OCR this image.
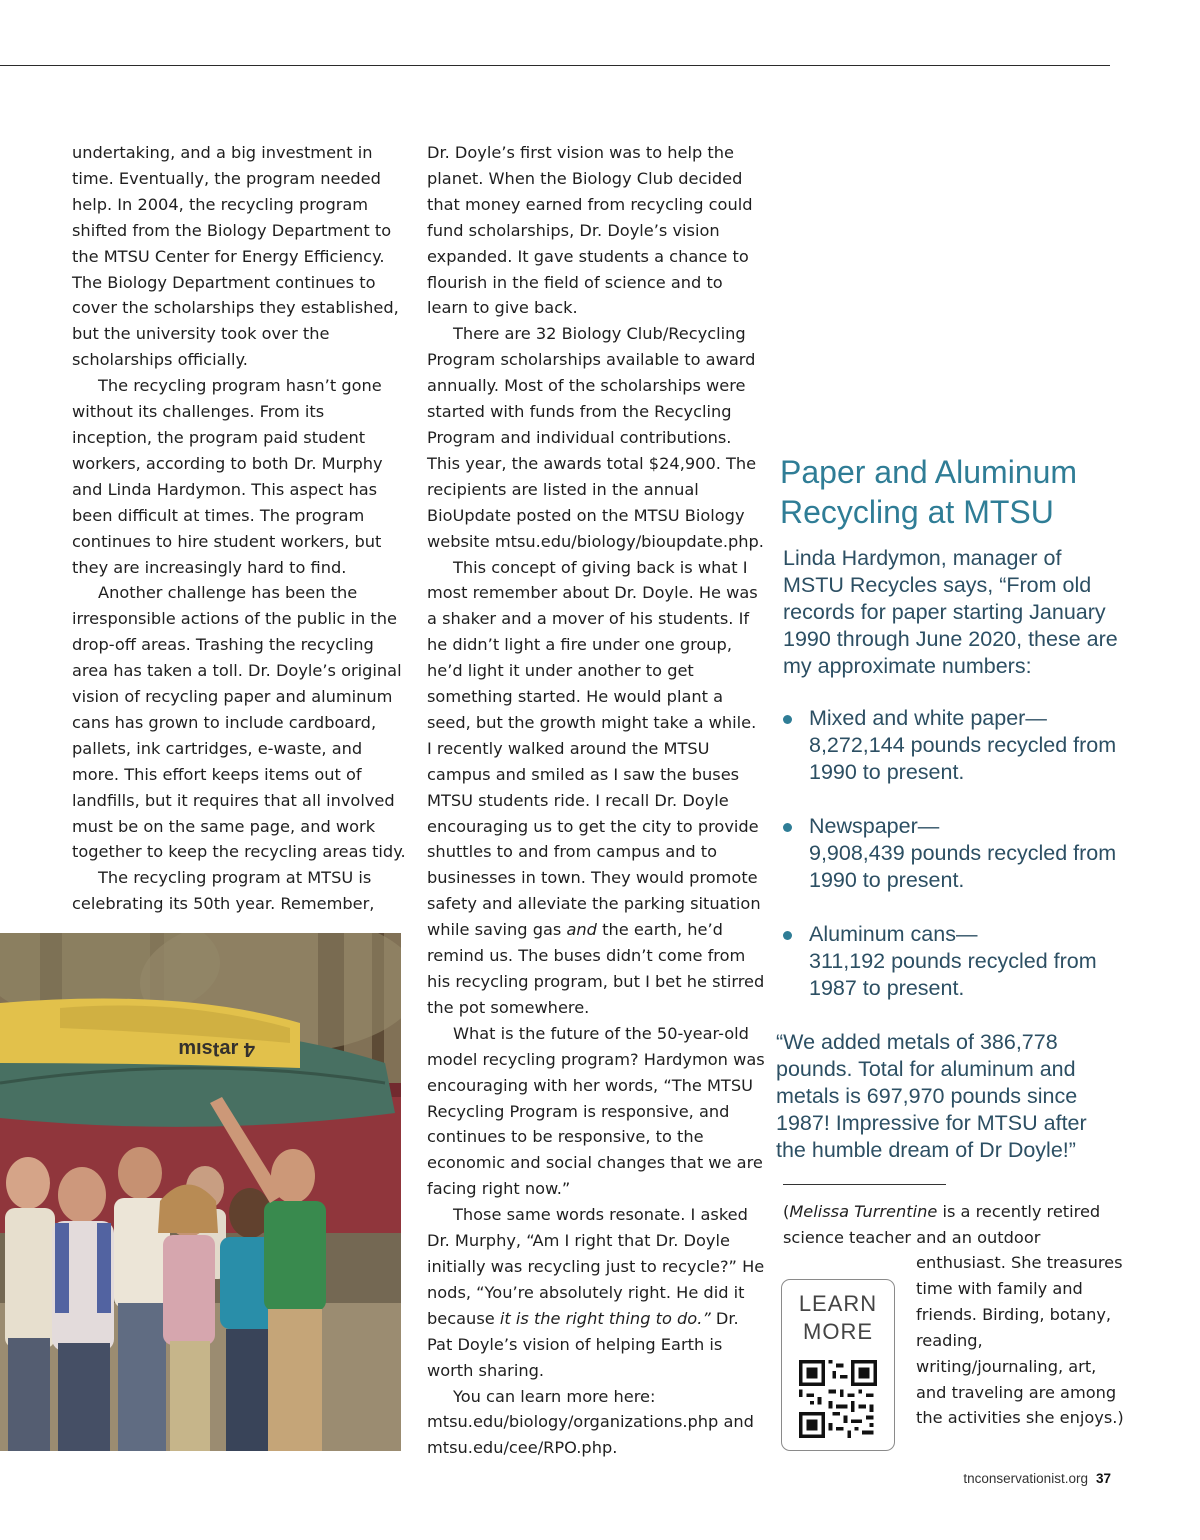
undertaking, and a big investment in time. Eventually, the program needed help. In 2004, the recycling program shifted from the Biology Department to the MTSU Center for Energy Efficiency. The Biology Department continues to cover the scholarships they established, but the university took over the scholarships officially.

The recycling program hasn’t gone without its challenges. From its inception, the program paid student workers, according to both Dr. Murphy and Linda Hardymon. This aspect has been difficult at times. The program continues to hire student workers, but they are increasingly hard to find.

Another challenge has been the irresponsible actions of the public in the drop-off areas. Trashing the recycling area has taken a toll. Dr. Doyle’s original vision of recycling paper and aluminum cans has grown to include cardboard, pallets, ink cartridges, e-waste, and more. This effort keeps items out of landfills, but it requires that all involved must be on the same page, and work together to keep the recycling areas tidy.

The recycling program at MTSU is celebrating its 50th year. Remember,

4 ɹɐʇsıɯ

Dr. Doyle’s first vision was to help the planet. When the Biology Club decided that money earned from recycling could fund scholarships, Dr. Doyle’s vision expanded. It gave students a chance to flourish in the field of science and to learn to give back.

There are 32 Biology Club/Recycling Program scholarships available to award annually. Most of the scholarships were started with funds from the Recycling Program and individual contributions. This year, the awards total $24,900. The recipients are listed in the annual BioUpdate posted on the MTSU Biology website mtsu.edu/biology/bioupdate.php.

This concept of giving back is what I most remember about Dr. Doyle. He was a shaker and a mover of his students. If he didn’t light a fire under one group, he’d light it under another to get something started. He would plant a seed, but the growth might take a while. I recently walked around the MTSU campus and smiled as I saw the buses MTSU students ride. I recall Dr. Doyle encouraging us to get the city to provide shuttles to and from campus and to businesses in town. They would promote safety and alleviate the parking situation while saving gas and the earth, he’d remind us. The buses didn’t come from his recycling program, but I bet he stirred the pot somewhere.

What is the future of the 50-year-old model recycling program? Hardymon was encouraging with her words, “The MTSU Recycling Program is responsive, and continues to be responsive, to the economic and social changes that we are facing right now.”

Those same words resonate. I asked Dr. Murphy, “Am I right that Dr. Doyle initially was recycling just to recycle?” He nods, “You’re absolutely right. He did it because it is the right thing to do.” Dr. Pat Doyle’s vision of helping Earth is worth sharing.

You can learn more here: mtsu.edu/biology/organizations.php and mtsu.edu/cee/RPO.php.

Paper and Aluminum Recycling at MTSU
Linda Hardymon, manager of MSTU Recycles says, “From old records for paper starting January 1990 through June 2020, these are my approximate numbers:
Mixed and white paper—
8,272,144 pounds recycled from 1990 to present.
Newspaper—
9,908,439 pounds recycled from 1990 to present.
Aluminum cans—
311,192 pounds recycled from 1987 to present.
“We added metals of 386,778 pounds. Total for aluminum and metals is 697,970 pounds since 1987! Impressive for MTSU after the humble dream of Dr Doyle!”
(Melissa Turrentine is a recently retired science teacher and an outdoor
enthusiast. She treasures time with family and friends. Birding, botany, reading, writing/journaling, art, and traveling are among the activities she enjoys.)
LEARN
MORE
tnconservationist.org 37
